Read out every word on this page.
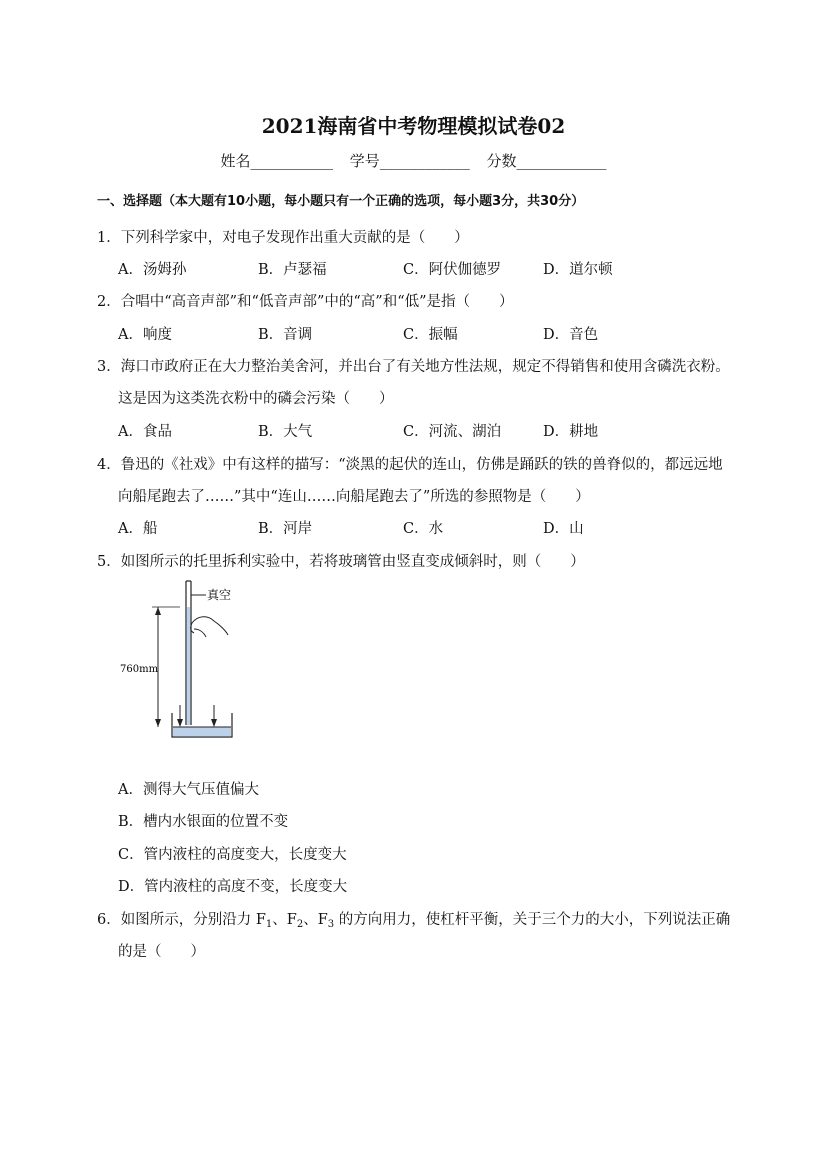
2021海南省中考物理模拟试卷02
姓名___________ 学号____________ 分数____________
一、选择题（本大题有10小题，每小题只有一个正确的选项，每小题3分，共30分）
1．下列科学家中，对电子发现作出重大贡献的是（　　）
A．汤姆孙	B．卢瑟福	C．阿伏伽德罗	D．道尔顿
2．合唱中“高音声部”和“低音声部”中的“高”和“低”是指（　　）
A．响度	B．音调	C．振幅	D．音色
3．海口市政府正在大力整治美舍河，并出台了有关地方性法规，规定不得销售和使用含磷洗衣粉。
这是因为这类洗衣粉中的磷会污染（　　）
A．食品	B．大气	C．河流、湖泊	D．耕地
4．鲁迅的《社戏》中有这样的描写：“淡黑的起伏的连山，仿佛是踊跃的铁的兽脊似的，都远远地
向船尾跑去了……”其中“连山……向船尾跑去了”所选的参照物是（　　）
A．船	B．河岸	C．水	D．山
5．如图所示的托里拆利实验中，若将玻璃管由竖直变成倾斜时，则（　　）
真空
760mm
A．测得大气压值偏大
B．槽内水银面的位置不变
C．管内液柱的高度变大，长度变大
D．管内液柱的高度不变，长度变大
6．如图所示，分别沿力 $F_1$、$F_2$、$F_3$ 的方向用力，使杠杆平衡，关于三个力的大小，下列说法正确
的是（　　）
